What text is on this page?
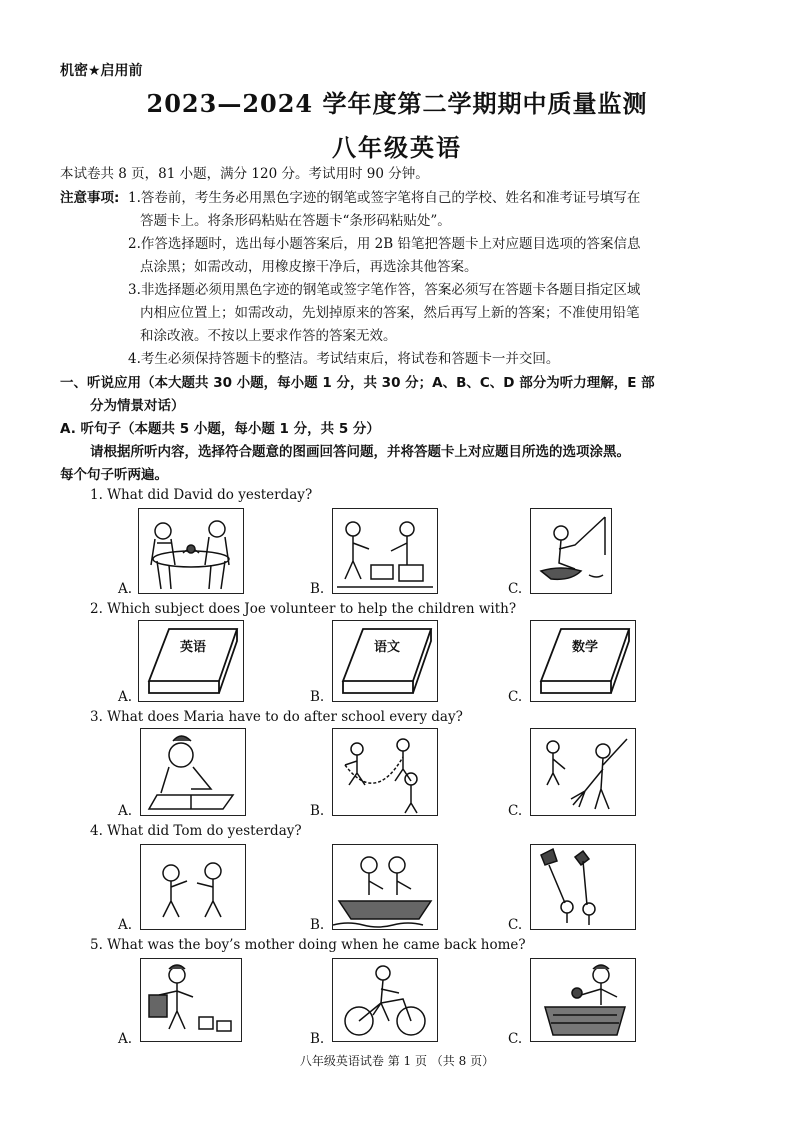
机密★启用前
2023—2024 学年度第二学期期中质量监测
八年级英语
本试卷共 8 页，81 小题，满分 120 分。考试用时 90 分钟。
注意事项: 1.答卷前，考生务必用黑色字迹的钢笔或签字笔将自己的学校、姓名和准考证号填写在
答题卡上。将条形码粘贴在答题卡“条形码粘贴处”。
2.作答选择题时，选出每小题答案后，用 2B 铅笔把答题卡上对应题目选项的答案信息
点涂黑；如需改动，用橡皮擦干净后，再选涂其他答案。
3.非选择题必须用黑色字迹的钢笔或签字笔作答，答案必须写在答题卡各题目指定区域
内相应位置上；如需改动，先划掉原来的答案，然后再写上新的答案；不准使用铅笔
和涂改液。不按以上要求作答的答案无效。
4.考生必须保持答题卡的整洁。考试结束后，将试卷和答题卡一并交回。
一、听说应用（本大题共 30 小题，每小题 1 分，共 30 分；A、B、C、D 部分为听力理解，E 部
分为情景对话）
A. 听句子（本题共 5 小题，每小题 1 分，共 5 分）
请根据所听内容，选择符合题意的图画回答问题，并将答题卡上对应题目所选的选项涂黑。
每个句子听两遍。
1. What did David do yesterday?
A.	B.	C.
2. Which subject does Joe volunteer to help the children with?
A.
英语
B.
语文
C.
数学
3. What does Maria have to do after school every day?
A.	B.	C.
4. What did Tom do yesterday?
A.	B.	C.
5. What was the boy’s mother doing when he came back home?
A.	B.	C.
八年级英语试卷 第 1 页 （共 8 页）
